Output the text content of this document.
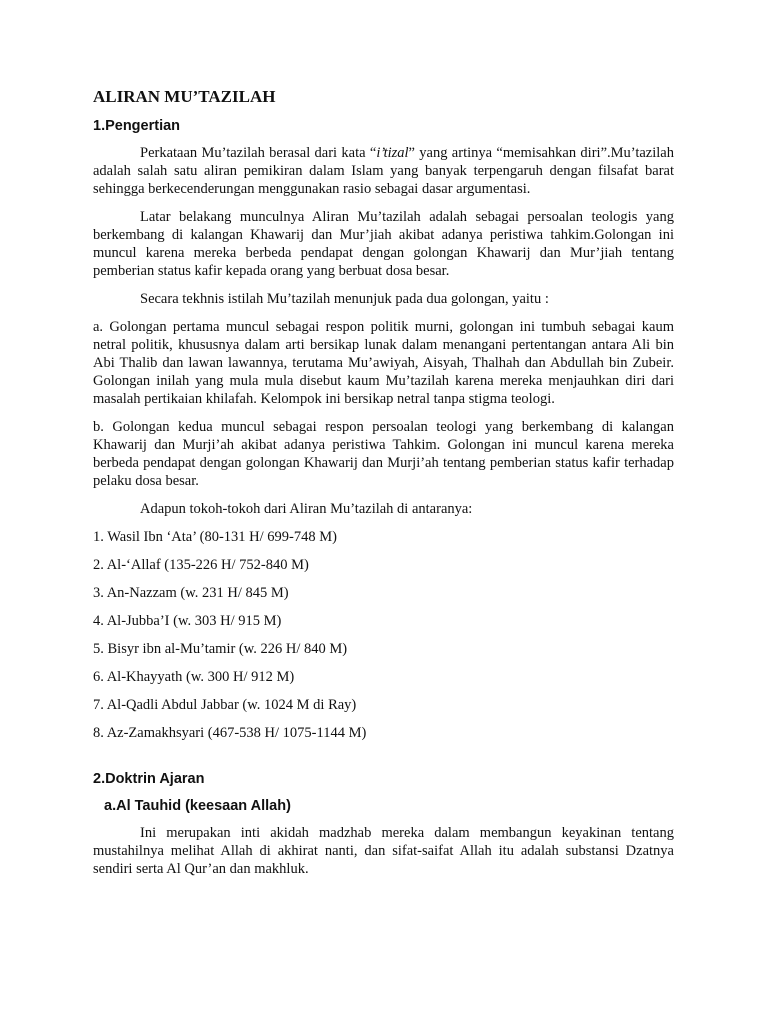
ALIRAN MU’TAZILAH
1.Pengertian

Perkataan Mu’tazilah berasal dari kata “i’tizal” yang artinya “memisahkan diri”.Mu’tazilah adalah salah satu aliran pemikiran dalam Islam yang banyak terpengaruh dengan filsafat barat sehingga berkecenderungan menggunakan rasio sebagai dasar argumentasi.

Latar belakang munculnya Aliran Mu’tazilah adalah sebagai persoalan teologis yang berkembang di kalangan Khawarij dan Mur’jiah akibat adanya peristiwa tahkim.Golongan ini muncul karena mereka berbeda pendapat dengan golongan Khawarij dan Mur’jiah tentang pemberian status kafir kepada orang yang berbuat dosa besar.

Secara tekhnis istilah Mu’tazilah menunjuk pada dua golongan, yaitu :

a. Golongan pertama muncul sebagai respon politik murni, golongan ini tumbuh sebagai kaum netral politik, khususnya dalam arti bersikap lunak dalam menangani pertentangan antara Ali bin Abi Thalib dan lawan lawannya, terutama Mu’awiyah, Aisyah, Thalhah dan Abdullah bin Zubeir. Golongan inilah yang mula mula disebut kaum Mu’tazilah karena mereka menjauhkan diri dari masalah pertikaian khilafah. Kelompok ini bersikap netral tanpa stigma teologi.

b. Golongan kedua muncul sebagai respon persoalan teologi yang berkembang di kalangan Khawarij dan Murji’ah akibat adanya peristiwa Tahkim. Golongan ini muncul karena mereka berbeda pendapat dengan golongan Khawarij dan Murji’ah tentang pemberian status kafir terhadap pelaku dosa besar.

Adapun tokoh-tokoh dari Aliran Mu’tazilah di antaranya:

1. Wasil Ibn ‘Ata’ (80-131 H/ 699-748 M)
2. Al-‘Allaf (135-226 H/ 752-840 M)
3. An-Nazzam (w. 231 H/ 845 M)
4. Al-Jubba’I (w. 303 H/ 915 M)
5. Bisyr ibn al-Mu’tamir (w. 226 H/ 840 M)
6. Al-Khayyath (w. 300 H/ 912 M)
7. Al-Qadli Abdul Jabbar (w. 1024 M di Ray)
8. Az-Zamakhsyari (467-538 H/ 1075-1144 M)
2.Doktrin Ajaran
a.Al Tauhid (keesaan Allah)

Ini merupakan inti akidah madzhab mereka dalam membangun keyakinan tentang mustahilnya melihat Allah di akhirat nanti, dan sifat-saifat Allah itu adalah substansi Dzatnya sendiri serta Al Qur’an dan makhluk.
